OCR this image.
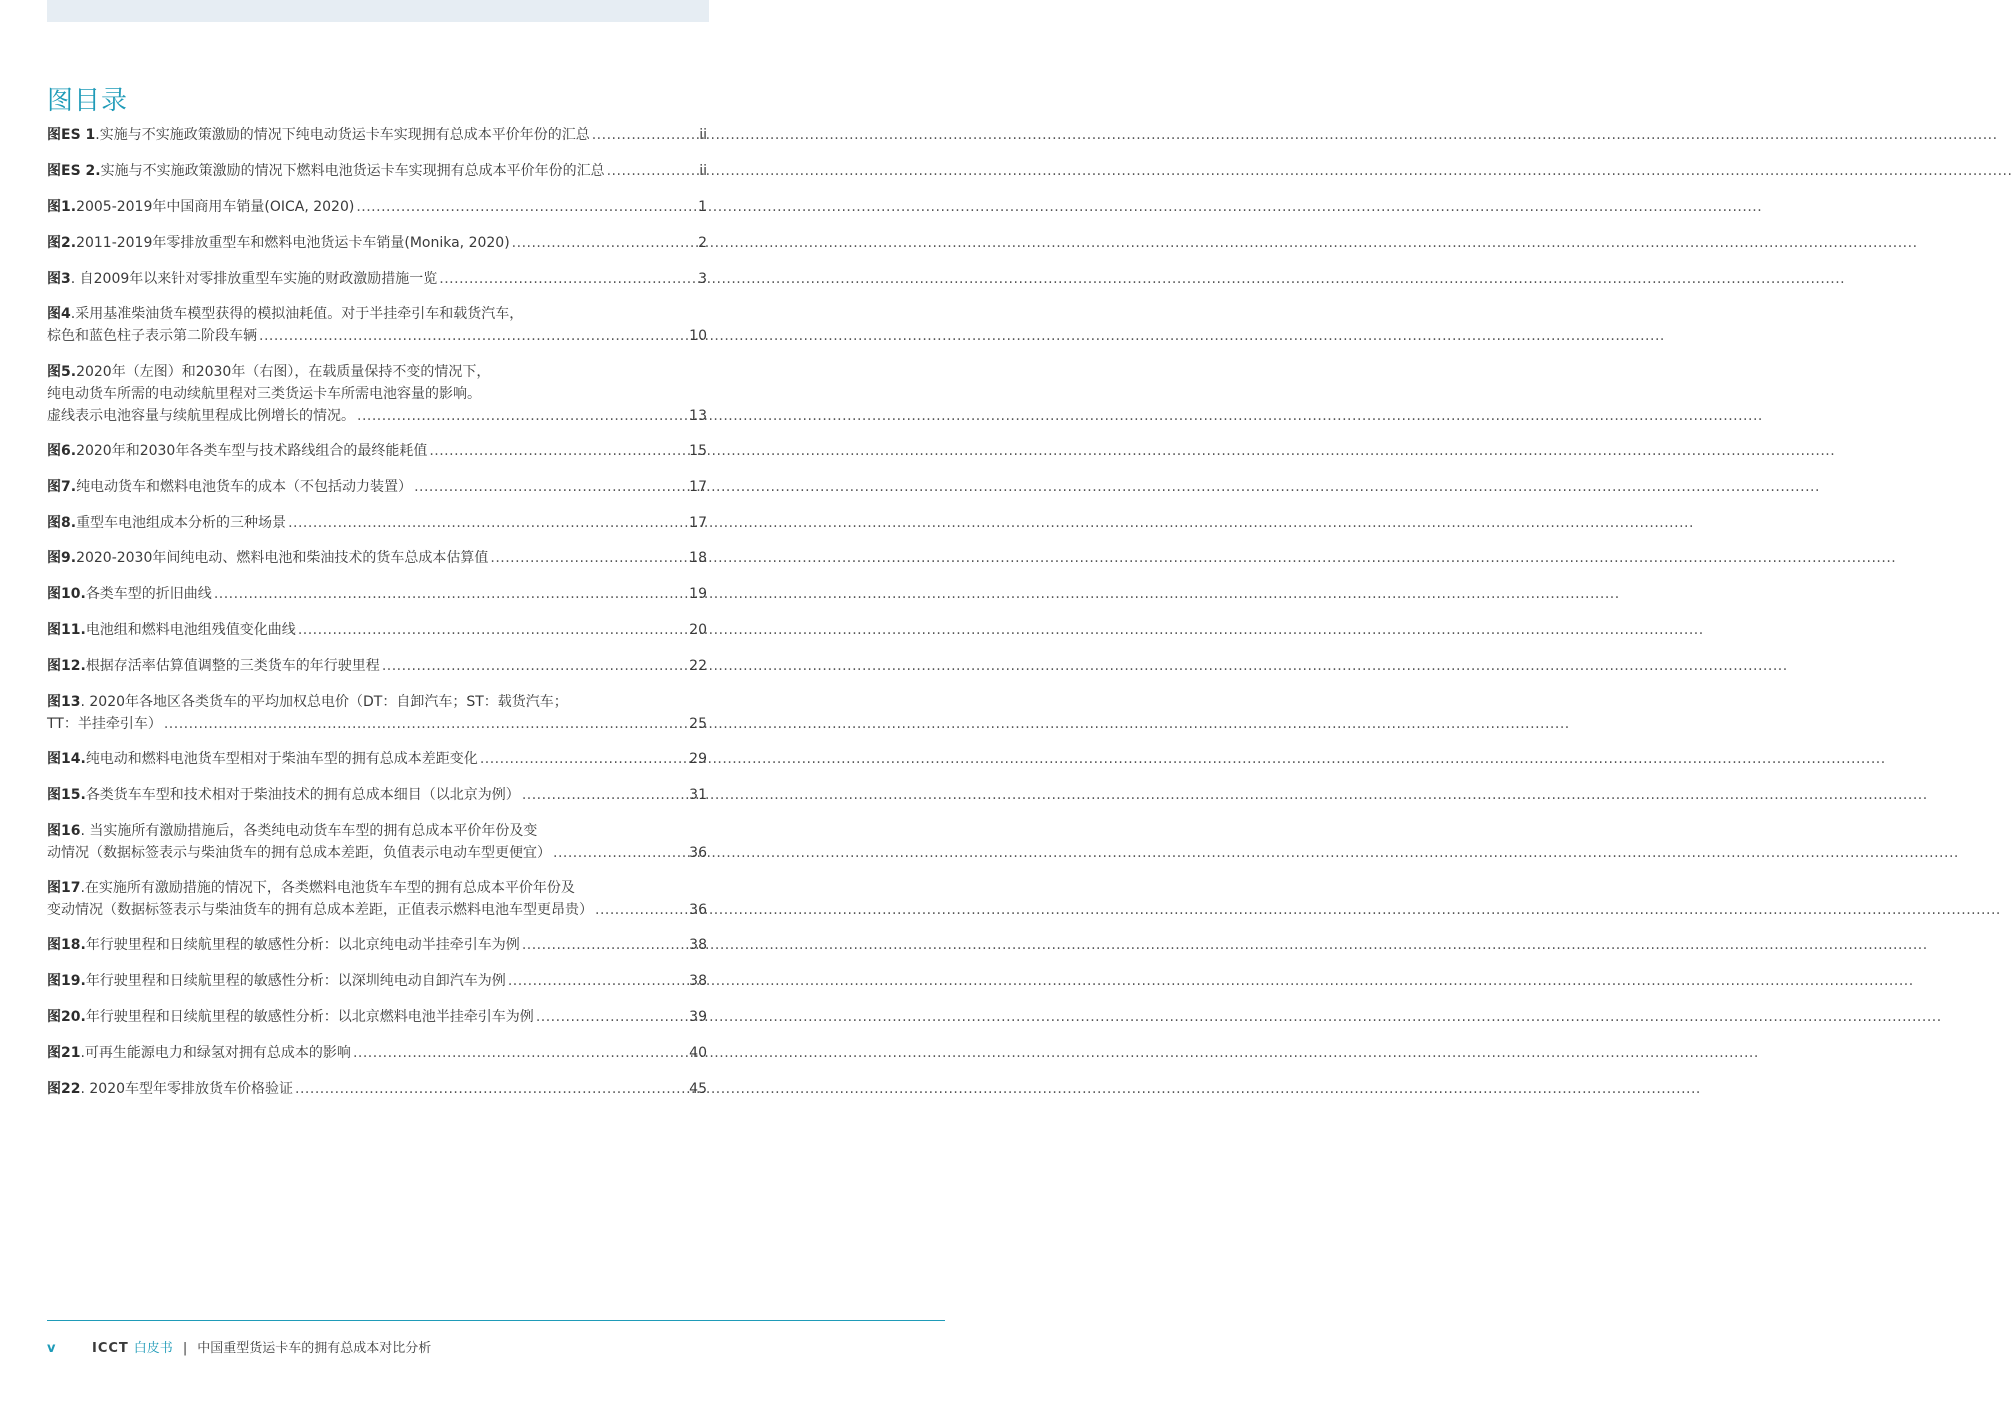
图目录
图ES 1 .实施与不实施政策激励的情况下纯电动货运卡车实现拥有总成本平价年份的汇总 .....	ii
图ES 2. 实施与不实施政策激励的情况下燃料电池货运卡车实现拥有总成本平价年份的汇总 .....	ii
图1. 2005-2019年中国商用车销量(OICA, 2020) .....	1
图2. 2011-2019年零排放重型车和燃料电池货运卡车销量(Monika, 2020) .....	2
图3 . 自2009年以来针对零排放重型车实施的财政激励措施一览 .....	3
图4 .采用基准柴油货车模型获得的模拟油耗值。对于半挂牵引车和载货汽车，
棕色和蓝色柱子表示第二阶段车辆 .....	10
图5. 2020年（左图）和2030年（右图），在载质量保持不变的情况下，
纯电动货车所需的电动续航里程对三类货运卡车所需电池容量的影响。
虚线表示电池容量与续航里程成比例增长的情况。 .....	13
图6. 2020年和2030年各类车型与技术路线组合的最终能耗值 .....	15
图7. 纯电动货车和燃料电池货车的成本（不包括动力装置） .....	17
图8. 重型车电池组成本分析的三种场景 .....	17
图9. 2020-2030年间纯电动、燃料电池和柴油技术的货车总成本估算值 .....	18
图10. 各类车型的折旧曲线 .....	19
图11. 电池组和燃料电池组残值变化曲线 .....	20
图12. 根据存活率估算值调整的三类货车的年行驶里程 .....	22
图13 . 2020年各地区各类货车的平均加权总电价（DT：自卸汽车；ST：载货汽车；
TT：半挂牵引车） .....	25
图14. 纯电动和燃料电池货车型相对于柴油车型的拥有总成本差距变化 .....	29
图15. 各类货车车型和技术相对于柴油技术的拥有总成本细目（以北京为例） .....	31
图16 . 当实施所有激励措施后，各类纯电动货车车型的拥有总成本平价年份及变
动情况（数据标签表示与柴油货车的拥有总成本差距，负值表示电动车型更便宜） .....	36
图17 .在实施所有激励措施的情况下，各类燃料电池货车车型的拥有总成本平价年份及
变动情况（数据标签表示与柴油货车的拥有总成本差距，正值表示燃料电池车型更昂贵） .....	36
图18. 年行驶里程和日续航里程的敏感性分析：以北京纯电动半挂牵引车为例 .....	38
图19. 年行驶里程和日续航里程的敏感性分析：以深圳纯电动自卸汽车为例 .....	38
图20. 年行驶里程和日续航里程的敏感性分析：以北京燃料电池半挂牵引车为例 .....	39
图21 .可再生能源电力和绿氢对拥有总成本的影响 .....	40
图22 . 2020车型年零排放货车价格验证 .....	45
v	ICCT 白皮书 | 中国重型货运卡车的拥有总成本对比分析
